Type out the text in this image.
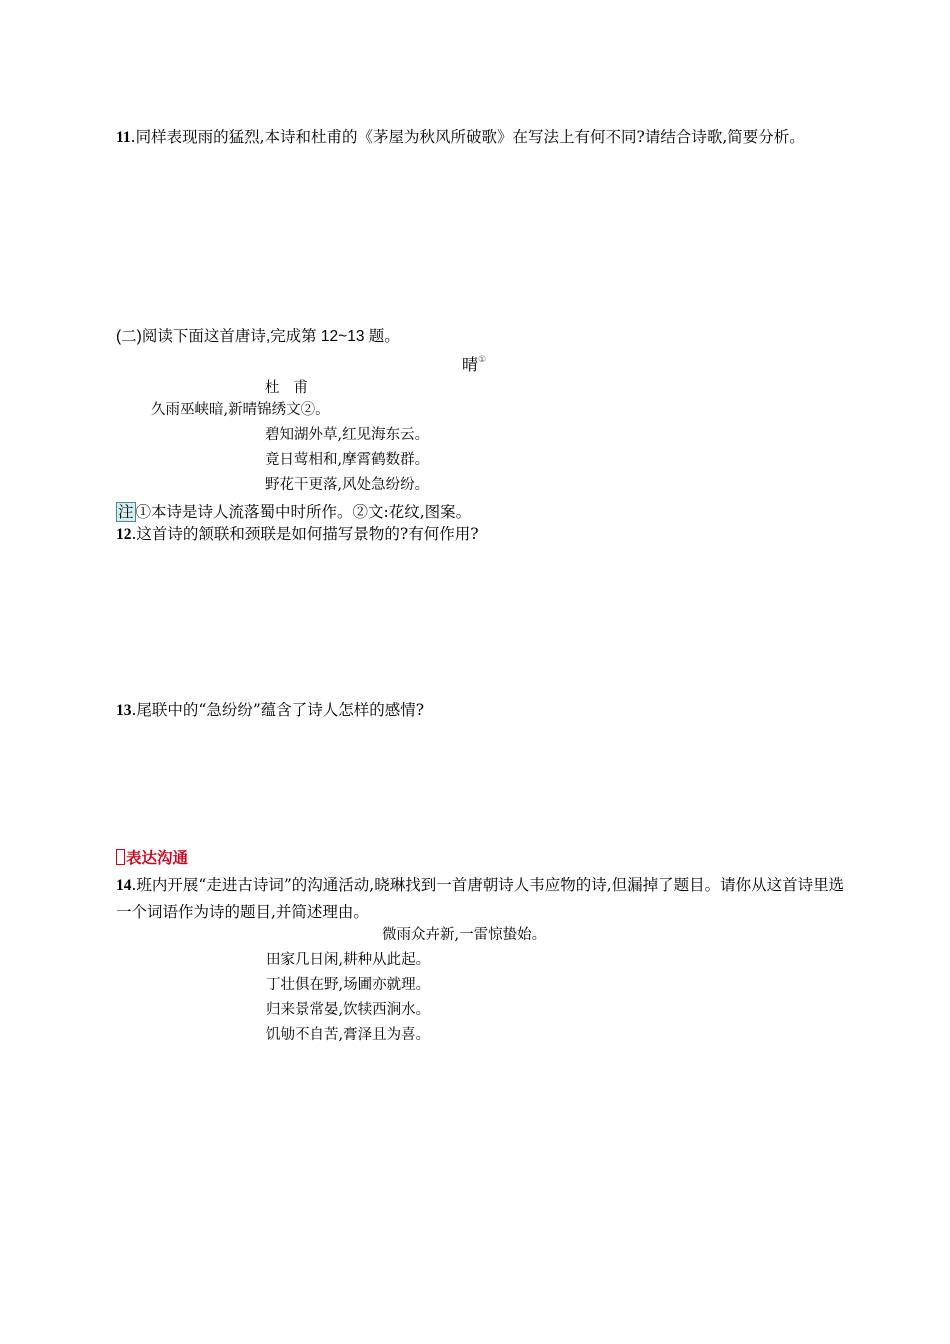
11.同样表现雨的猛烈,本诗和杜甫的《茅屋为秋风所破歌》在写法上有何不同?请结合诗歌,简要分析。
(二)阅读下面这首唐诗,完成第 12~13 题。
晴①
杜甫
久雨巫峡暗,新晴锦绣文②。
碧知湖外草,红见海东云。
竟日莺相和,摩霄鹤数群。
野花干更落,风处急纷纷。
注 ①本诗是诗人流落蜀中时所作。②文:花纹,图案。
12.这首诗的颔联和颈联是如何描写景物的?有何作用?
13.尾联中的“急纷纷”蕴含了诗人怎样的感情?
表达沟通
14.班内开展“走进古诗词”的沟通活动,晓琳找到一首唐朝诗人韦应物的诗,但漏掉了题目。请你从这首诗里选一个词语作为诗的题目,并简述理由。
微雨众卉新,一雷惊蛰始。
田家几日闲,耕种从此起。
丁壮俱在野,场圃亦就理。
归来景常晏,饮犊西涧水。
饥劬不自苦,膏泽且为喜。
